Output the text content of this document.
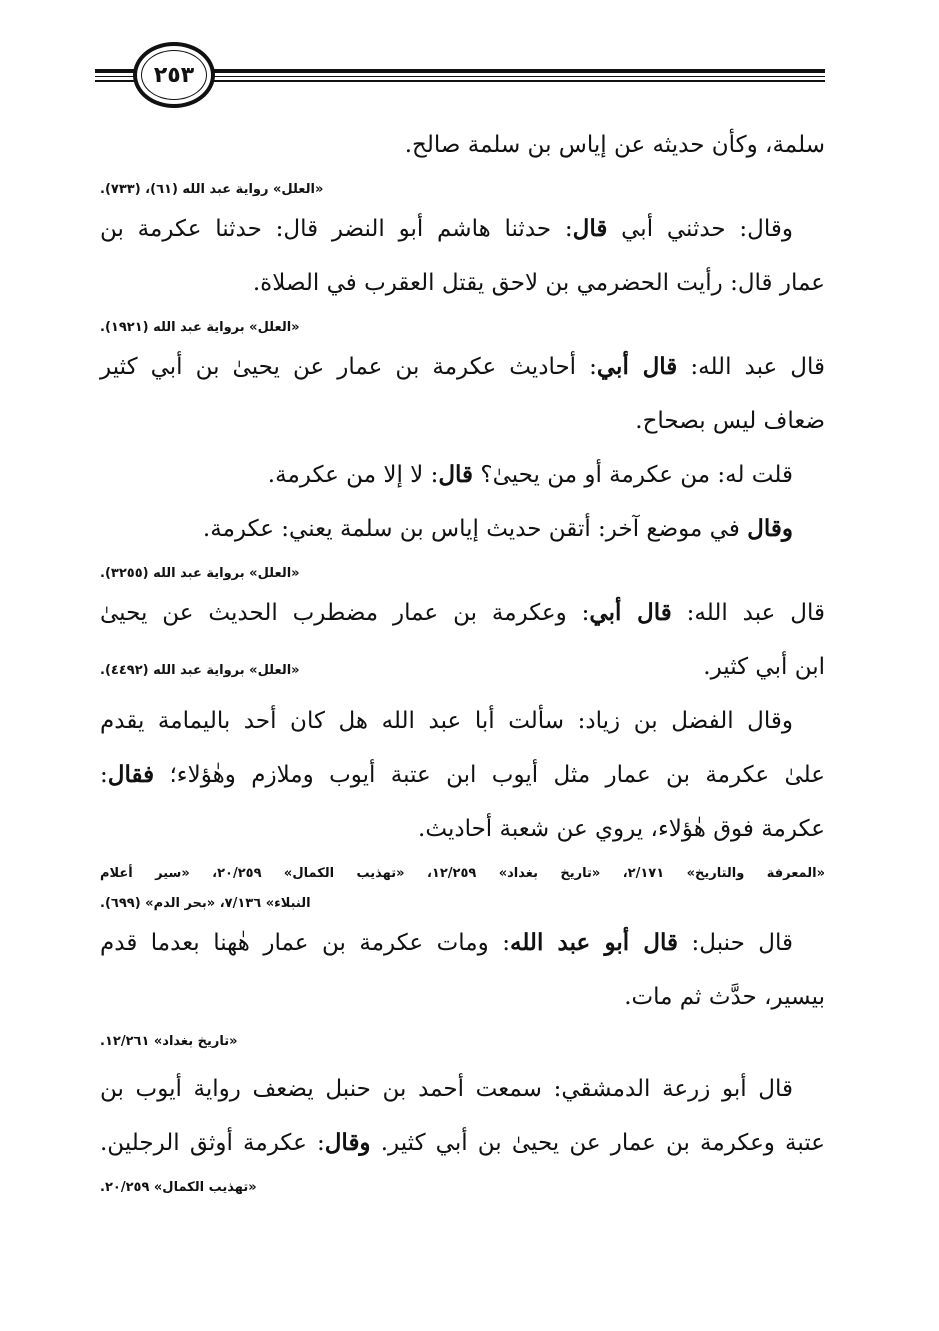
٢٥٣
سلمة، وكأن حديثه عن إياس بن سلمة صالح.
«العلل» رواية عبد الله (٦١)، (٧٣٣).
وقال: حدثني أبي قال: حدثنا هاشم أبو النضر قال: حدثنا عكرمة بن
عمار قال: رأيت الحضرمي بن لاحق يقتل العقرب في الصلاة.
«العلل» برواية عبد الله (١٩٢١).
قال عبد الله: قال أبي: أحاديث عكرمة بن عمار عن يحيىٰ بن أبي كثير
ضعاف ليس بصحاح.
قلت له: من عكرمة أو من يحيىٰ؟ قال: لا إلا من عكرمة.
وقال في موضع آخر: أتقن حديث إياس بن سلمة يعني: عكرمة.
«العلل» برواية عبد الله (٣٢٥٥).
قال عبد الله: قال أبي: وعكرمة بن عمار مضطرب الحديث عن يحيىٰ
ابن أبي كثير.
«العلل» برواية عبد الله (٤٤٩٢).
وقال الفضل بن زياد: سألت أبا عبد الله هل كان أحد باليمامة يقدم
علىٰ عكرمة بن عمار مثل أيوب ابن عتبة أيوب وملازم وهٰؤلاء؛ فقال:
عكرمة فوق هٰؤلاء، يروي عن شعبة أحاديث.
«المعرفة والتاريخ» ٢/١٧١، «تاريخ بغداد» ١٢/٢٥٩، «تهذيب الكمال» ٢٠/٢٥٩، «سير أعلام
النبلاء» ٧/١٣٦، «بحر الدم» (٦٩٩).
قال حنبل: قال أبو عبد الله: ومات عكرمة بن عمار هٰهنا بعدما قدم
بيسير، حدَّث ثم مات.
«تاريخ بغداد» ١٢/٢٦١.
قال أبو زرعة الدمشقي: سمعت أحمد بن حنبل يضعف رواية أيوب بن
عتبة وعكرمة بن عمار عن يحيىٰ بن أبي كثير. وقال: عكرمة أوثق الرجلين.
«تهذيب الكمال» ٢٠/٢٥٩.
